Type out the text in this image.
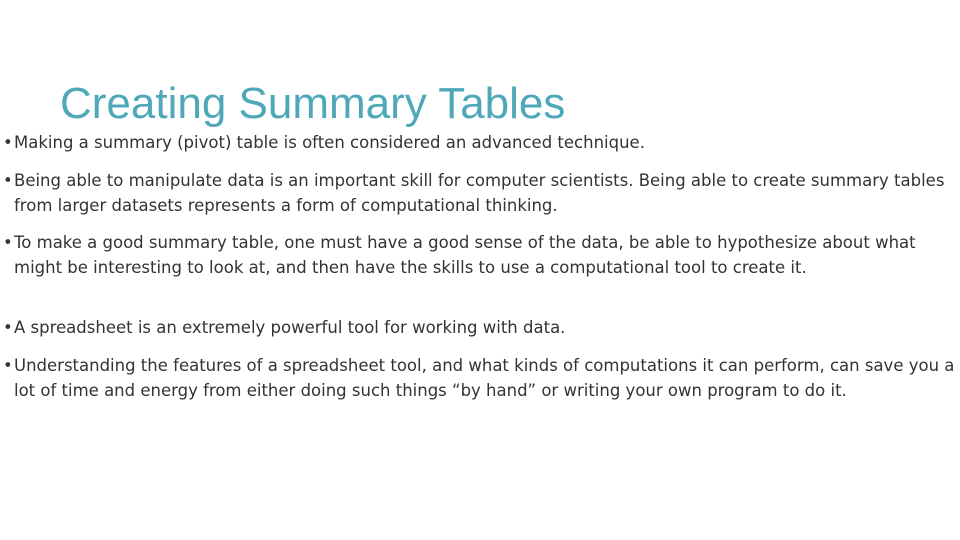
Creating Summary Tables
•Making a summary (pivot) table is often considered an advanced technique.
•Being able to manipulate data is an important skill for computer scientists. Being able to create summary tables from larger datasets represents a form of computational thinking.
•To make a good summary table, one must have a good sense of the data, be able to hypothesize about what might be interesting to look at, and then have the skills to use a computational tool to create it.
•A spreadsheet is an extremely powerful tool for working with data.
•Understanding the features of a spreadsheet tool, and what kinds of computations it can perform, can save you a lot of time and energy from either doing such things “by hand” or writing your own program to do it.
